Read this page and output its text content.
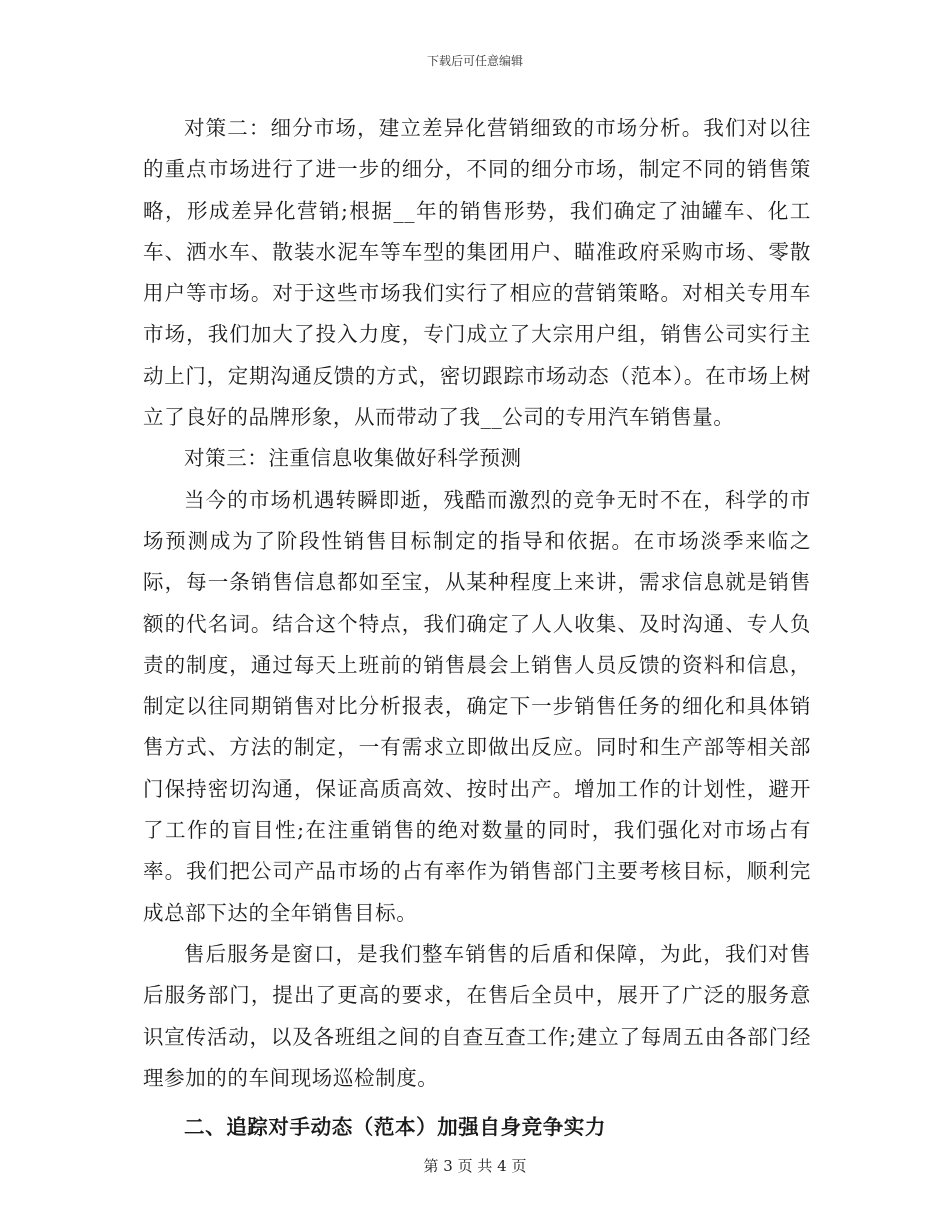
下载后可任意编辑

对策二：细分市场，建立差异化营销细致的市场分析。我们对以往的重点市场进行了进一步的细分，不同的细分市场，制定不同的销售策略，形成差异化营销;根据__年的销售形势，我们确定了油罐车、化工车、洒水车、散装水泥车等车型的集团用户、瞄准政府采购市场、零散用户等市场。对于这些市场我们实行了相应的营销策略。对相关专用车市场，我们加大了投入力度，专门成立了大宗用户组，销售公司实行主动上门，定期沟通反馈的方式，密切跟踪市场动态（范本）。在市场上树立了良好的品牌形象，从而带动了我__公司的专用汽车销售量。

对策三：注重信息收集做好科学预测

当今的市场机遇转瞬即逝，残酷而激烈的竞争无时不在，科学的市场预测成为了阶段性销售目标制定的指导和依据。在市场淡季来临之际，每一条销售信息都如至宝，从某种程度上来讲，需求信息就是销售额的代名词。结合这个特点，我们确定了人人收集、及时沟通、专人负责的制度，通过每天上班前的销售晨会上销售人员反馈的资料和信息，制定以往同期销售对比分析报表，确定下一步销售任务的细化和具体销售方式、方法的制定，一有需求立即做出反应。同时和生产部等相关部门保持密切沟通，保证高质高效、按时出产。增加工作的计划性，避开了工作的盲目性;在注重销售的绝对数量的同时，我们强化对市场占有率。我们把公司产品市场的占有率作为销售部门主要考核目标，顺利完成总部下达的全年销售目标。

售后服务是窗口，是我们整车销售的后盾和保障，为此，我们对售后服务部门，提出了更高的要求，在售后全员中，展开了广泛的服务意识宣传活动，以及各班组之间的自查互查工作;建立了每周五由各部门经理参加的的车间现场巡检制度。

二、追踪对手动态（范本）加强自身竞争实力

第 3 页 共 4 页
